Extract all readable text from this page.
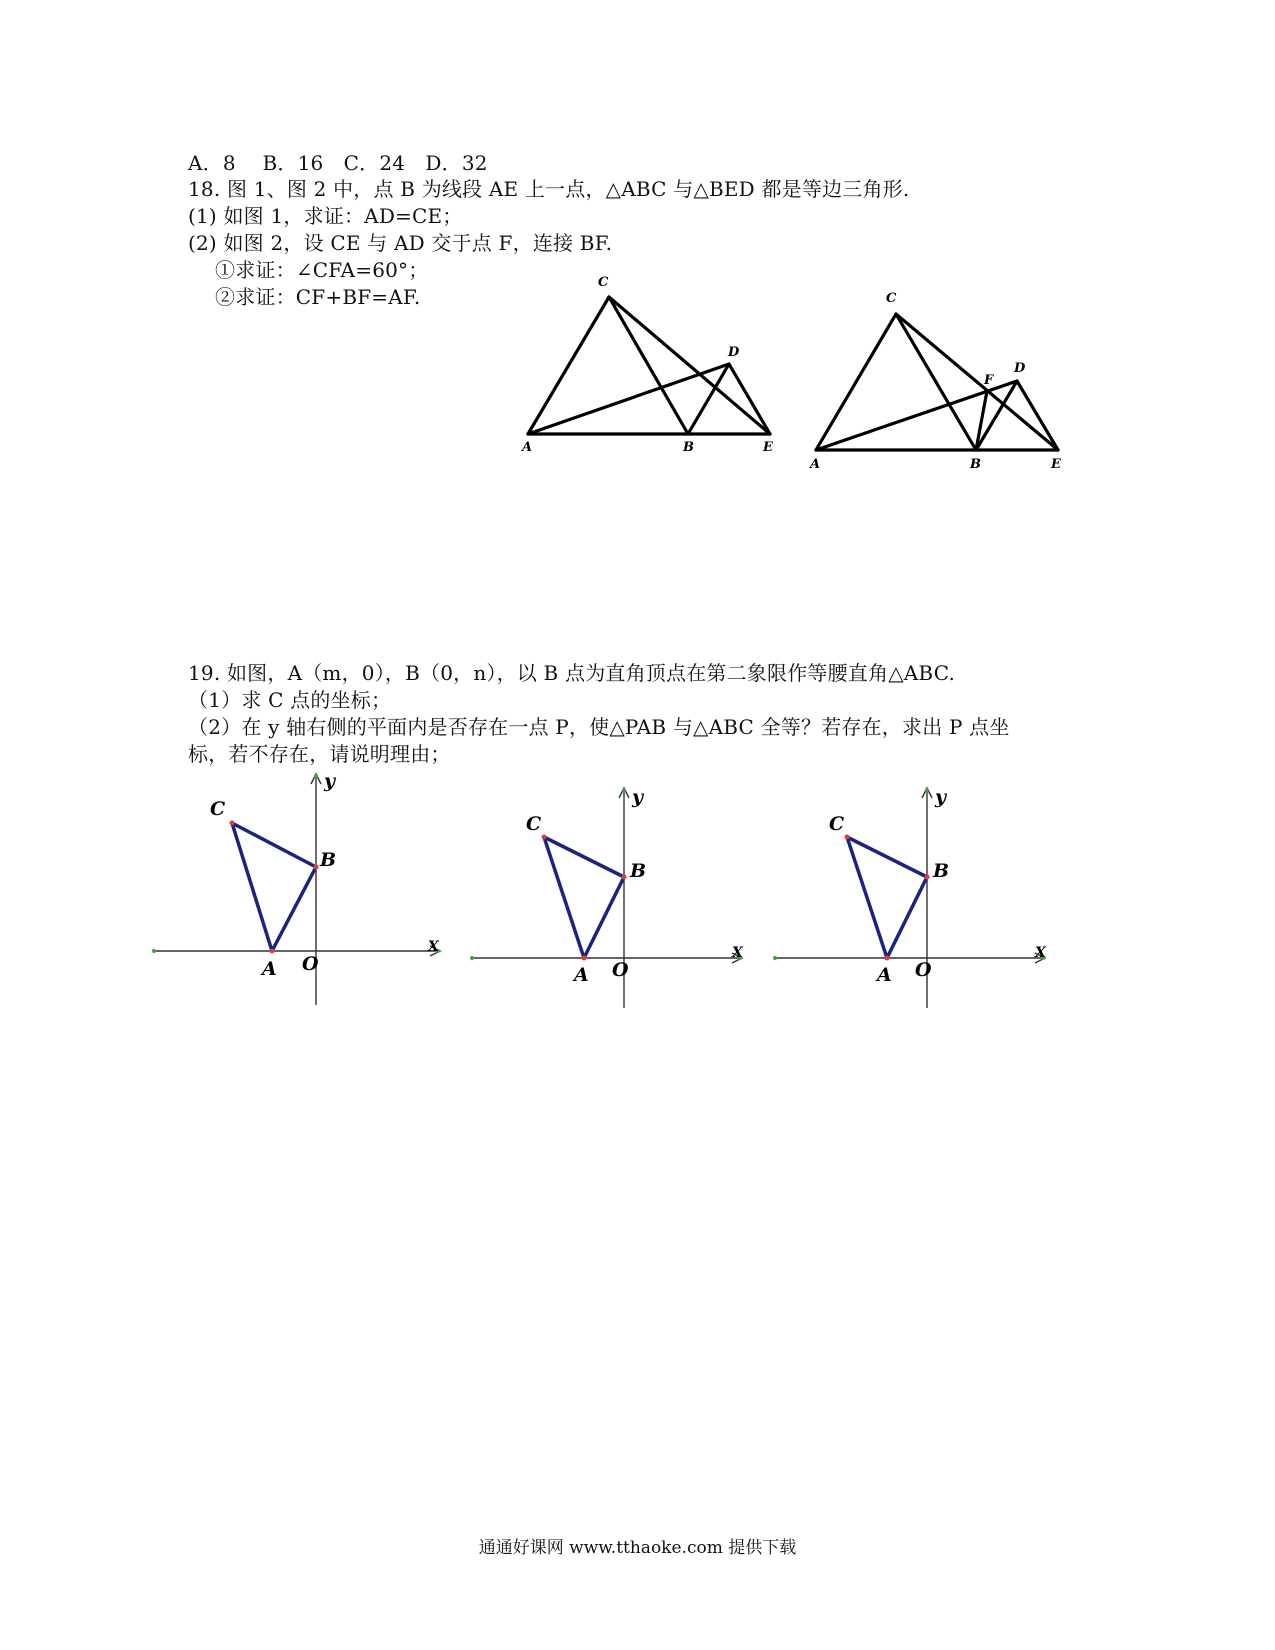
A．8　 B．16　C．24　D．32
18. 图 1、图 2 中，点 B 为线段 AE 上一点，△ABC 与△BED 都是等边三角形.
(1) 如图 1，求证：AD=CE；
(2) 如图 2，设 CE 与 AD 交于点 F，连接 BF.
①求证：∠CFA=60°；
②求证：CF+BF=AF.
C
A	B	E
D
C
A	B	E
D
F
19. 如图，A（m，0），B（0，n），以 B 点为直角顶点在第二象限作等腰直角△ABC.
（1）求 C 点的坐标；
（2）在 y 轴右侧的平面内是否存在一点 P，使△PAB 与△ABC 全等？若存在，求出 P 点坐
标，若不存在，请说明理由；
C
B
A O
X
y
C
B
A O
X
y
C
B
A O
X
y
通通好课网 www.tthaoke.com 提供下载
